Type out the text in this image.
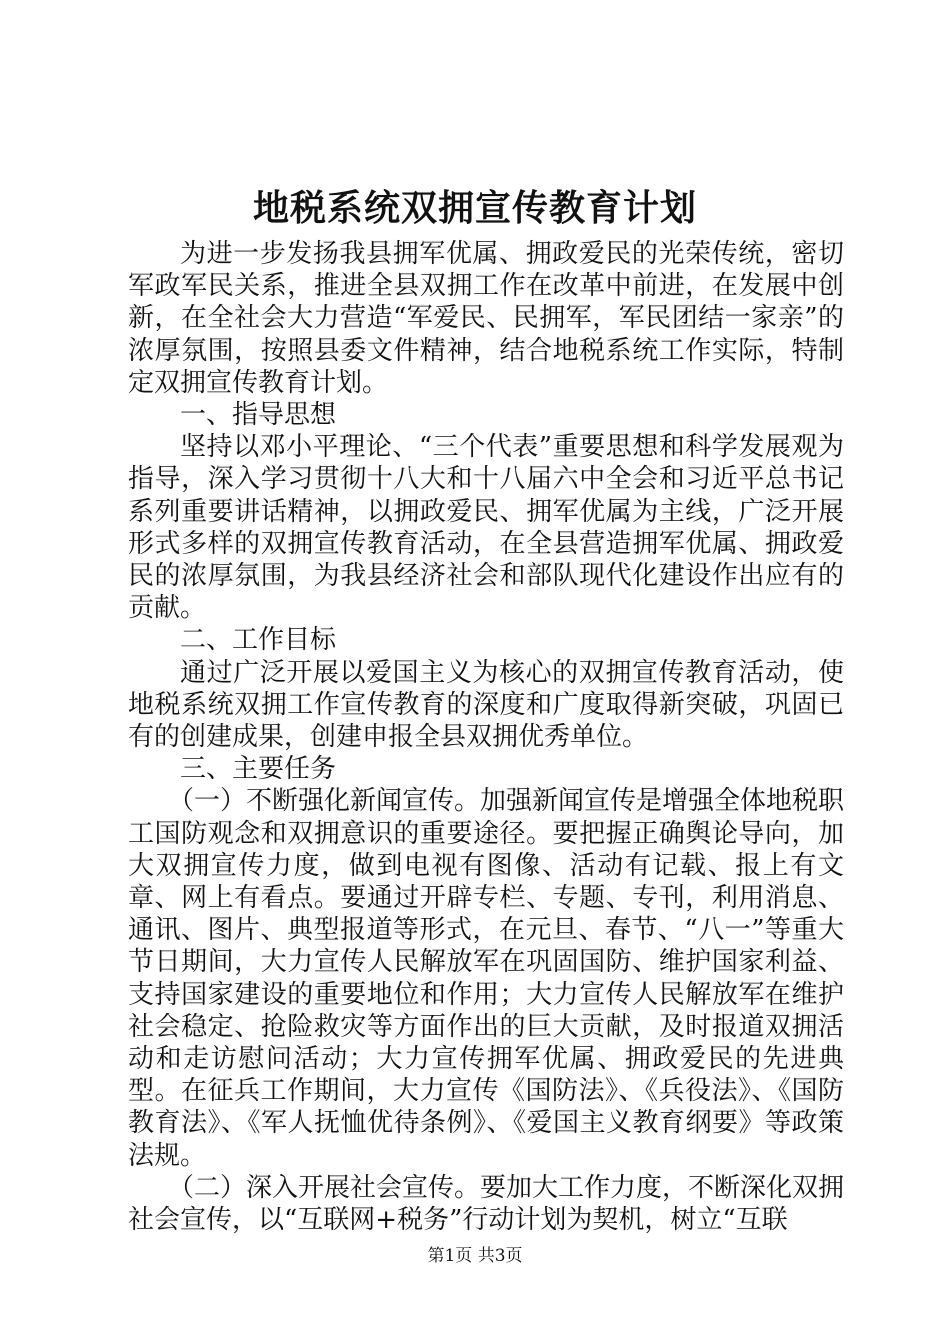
地税系统双拥宣传教育计划

为进一步发扬我县拥军优属、拥政爱民的光荣传统，密切军政军民关系，推进全县双拥工作在改革中前进，在发展中创新，在全社会大力营造“军爱民、民拥军，军民团结一家亲”的浓厚氛围，按照县委文件精神，结合地税系统工作实际，特制定双拥宣传教育计划。

一、指导思想

坚持以邓小平理论、“三个代表”重要思想和科学发展观为指导，深入学习贯彻十八大和十八届六中全会和习近平总书记系列重要讲话精神，以拥政爱民、拥军优属为主线，广泛开展形式多样的双拥宣传教育活动，在全县营造拥军优属、拥政爱民的浓厚氛围，为我县经济社会和部队现代化建设作出应有的贡献。

二、工作目标

通过广泛开展以爱国主义为核心的双拥宣传教育活动，使地税系统双拥工作宣传教育的深度和广度取得新突破，巩固已有的创建成果，创建申报全县双拥优秀单位。

三、主要任务

（一）不断强化新闻宣传。加强新闻宣传是增强全体地税职工国防观念和双拥意识的重要途径。要把握正确舆论导向，加大双拥宣传力度，做到电视有图像、活动有记载、报上有文章、网上有看点。要通过开辟专栏、专题、专刊，利用消息、通讯、图片、典型报道等形式，在元旦、春节、“八一”等重大节日期间，大力宣传人民解放军在巩固国防、维护国家利益、支持国家建设的重要地位和作用；大力宣传人民解放军在维护社会稳定、抢险救灾等方面作出的巨大贡献，及时报道双拥活动和走访慰问活动；大力宣传拥军优属、拥政爱民的先进典型。在征兵工作期间，大力宣传《国防法》、《兵役法》、《国防教育法》、《军人抚恤优待条例》、《爱国主义教育纲要》等政策法规。

（二）深入开展社会宣传。要加大工作力度，不断深化双拥社会宣传，以“互联网+税务”行动计划为契机，树立“互联

第1页 共3页
